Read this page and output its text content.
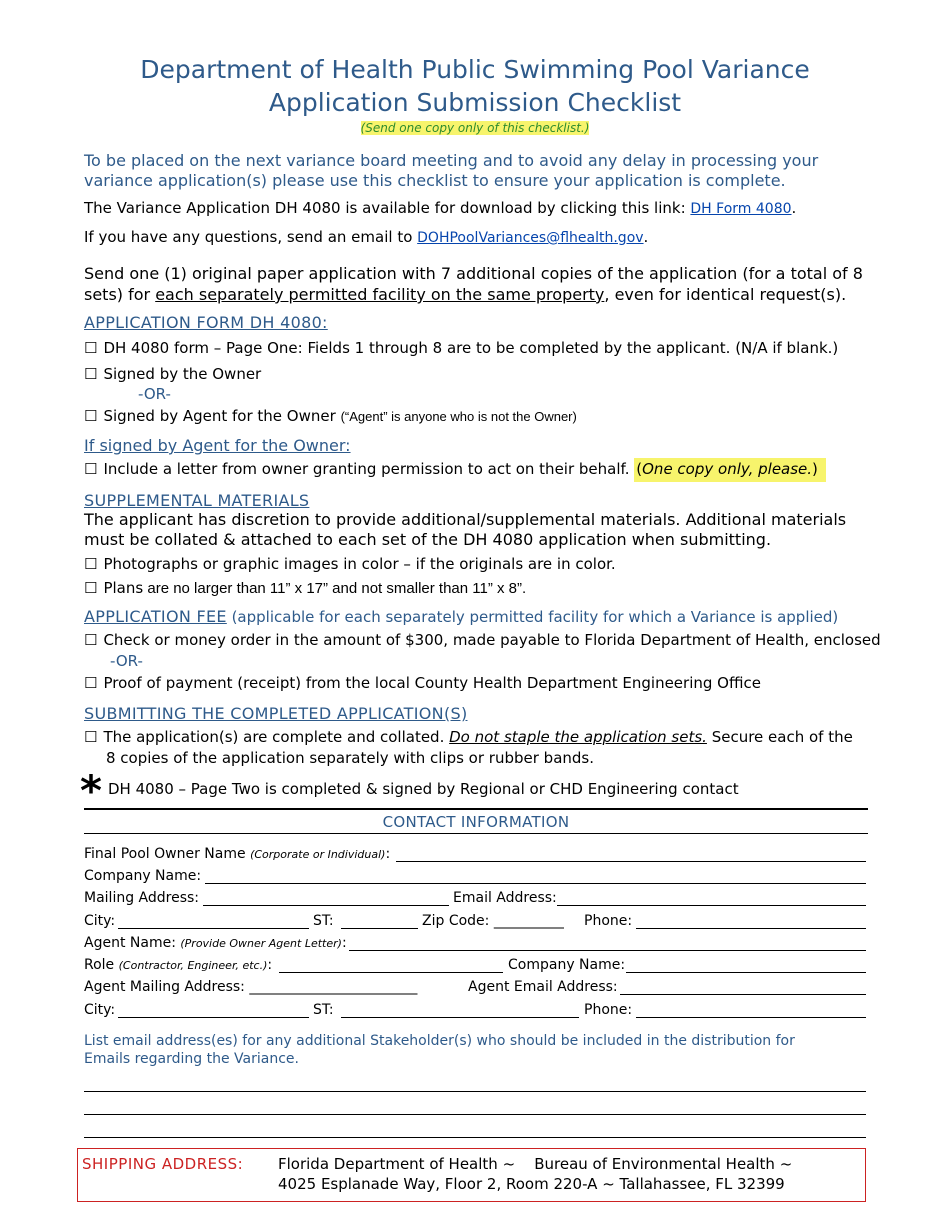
Department of Health Public Swimming Pool Variance
Application Submission Checklist
(Send one copy only of this checklist.)
To be placed on the next variance board meeting and to avoid any delay in processing your
variance application(s) please use this checklist to ensure your application is complete.
The Variance Application DH 4080 is available for download by clicking this link: DH Form 4080.
If you have any questions, send an email to DOHPoolVariances@flhealth.gov.
Send one (1) original paper application with 7 additional copies of the application (for a total of 8
sets) for each separately permitted facility on the same property, even for identical request(s).
APPLICATION FORM DH 4080:
☐ DH 4080 form – Page One: Fields 1 through 8 are to be completed by the applicant. (N/A if blank.)
☐ Signed by the Owner
-OR-
☐ Signed by Agent for the Owner (“Agent” is anyone who is not the Owner)
If signed by Agent for the Owner:
☐ Include a letter from owner granting permission to act on their behalf. (One copy only, please.)
SUPPLEMENTAL MATERIALS
The applicant has discretion to provide additional/supplemental materials. Additional materials
must be collated & attached to each set of the DH 4080 application when submitting.
☐ Photographs or graphic images in color – if the originals are in color.
☐ Plans are no larger than 11” x 17” and not smaller than 11” x 8”.
APPLICATION FEE (applicable for each separately permitted facility for which a Variance is applied)
☐ Check or money order in the amount of $300, made payable to Florida Department of Health, enclosed
-OR-
☐ Proof of payment (receipt) from the local County Health Department Engineering Office
SUBMITTING THE COMPLETED APPLICATION(S)
☐ The application(s) are complete and collated. Do not staple the application sets. Secure each of the
8 copies of the application separately with clips or rubber bands.
* DH 4080 – Page Two is completed & signed by Regional or CHD Engineering contact
CONTACT INFORMATION
Final Pool Owner Name (Corporate or Individual):
Company Name:
Mailing Address:	Email Address:
City:	ST:	Zip Code: __________ Phone:
Agent Name: (Provide Owner Agent Letter):
Role (Contractor, Engineer, etc.):	Company Name:
Agent Mailing Address: ________________________	Agent Email Address:
City:	ST:	Phone:
List email address(es) for any additional Stakeholder(s) who should be included in the distribution for
Emails regarding the Variance.
SHIPPING ADDRESS: Florida Department of Health ~    Bureau of Environmental Health ~
4025 Esplanade Way, Floor 2, Room 220-A ~ Tallahassee, FL 32399
